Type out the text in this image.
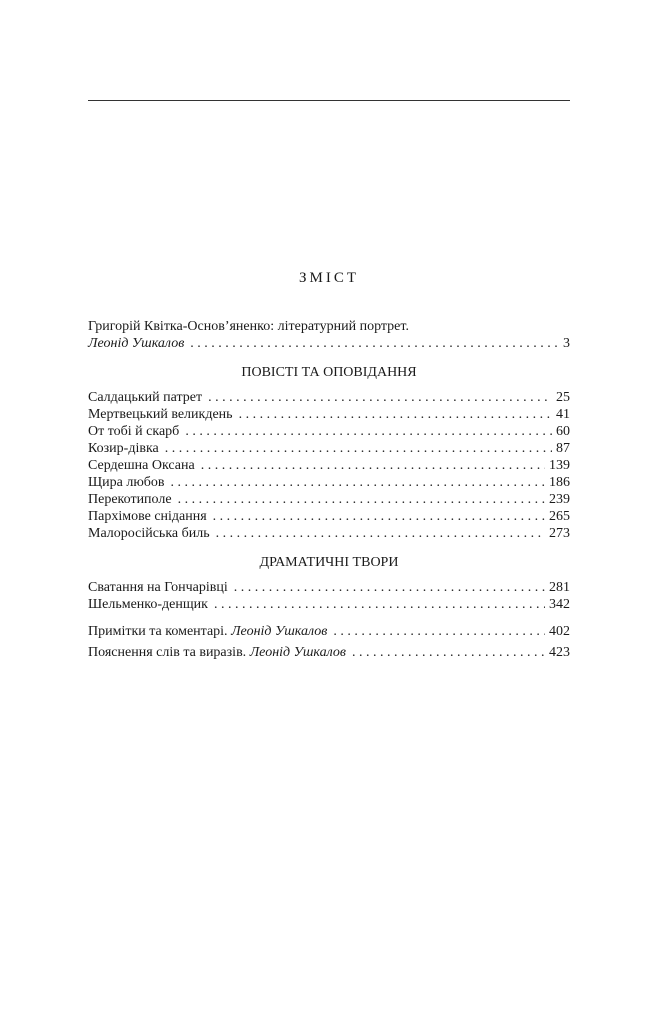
ЗМІСТ
Григорій Квітка-Основ’яненко: літературний портрет.
Леонід Ушкалов . . .	3
ПОВІСТІ ТА ОПОВІДАННЯ
Салдацький патрет . . .	25
Мертвецький великдень . . .	41
От тобі й скарб . . .	60
Козир-дівка . . .	87
Сердешна Оксана . . .	139
Щира любов . . .	186
Перекотиполе . . .	239
Пархімове снідання . . .	265
Малоросійська биль . . .	273
ДРАМАТИЧНІ ТВОРИ
Сватання на Гончарівці . . .	281
Шельменко-денщик . . .	342
Примітки та коментарі. Леонід Ушкалов . . .	402
Пояснення слів та виразів. Леонід Ушкалов . . .	423
